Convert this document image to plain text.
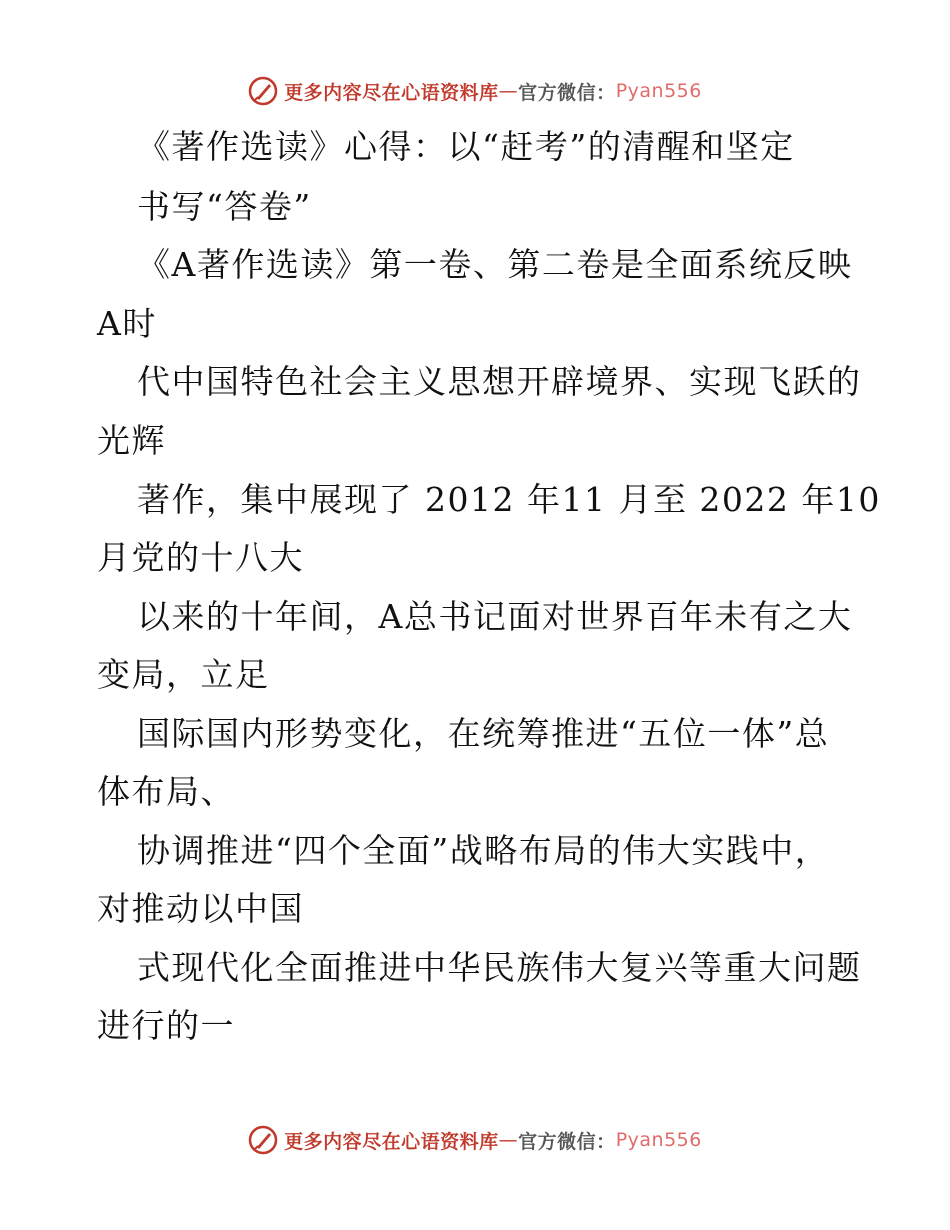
更多内容尽在心语资料库 — 官方微信： Pyan556
《著作选读》心得：以“赶考”的清醒和坚定
书写“答卷”
《A著作选读》第一卷、第二卷是全面系统反映
A时
代中国特色社会主义思想开辟境界、实现飞跃的
光辉
著作，集中展现了 2012 年11 月至 2022 年10
月党的十八大
以来的十年间，A总书记面对世界百年未有之大
变局，立足
国际国内形势变化，在统筹推进“五位一体”总
体布局、
协调推进“四个全面”战略布局的伟大实践中，
对推动以中国
式现代化全面推进中华民族伟大复兴等重大问题
进行的一
更多内容尽在心语资料库 — 官方微信： Pyan556
